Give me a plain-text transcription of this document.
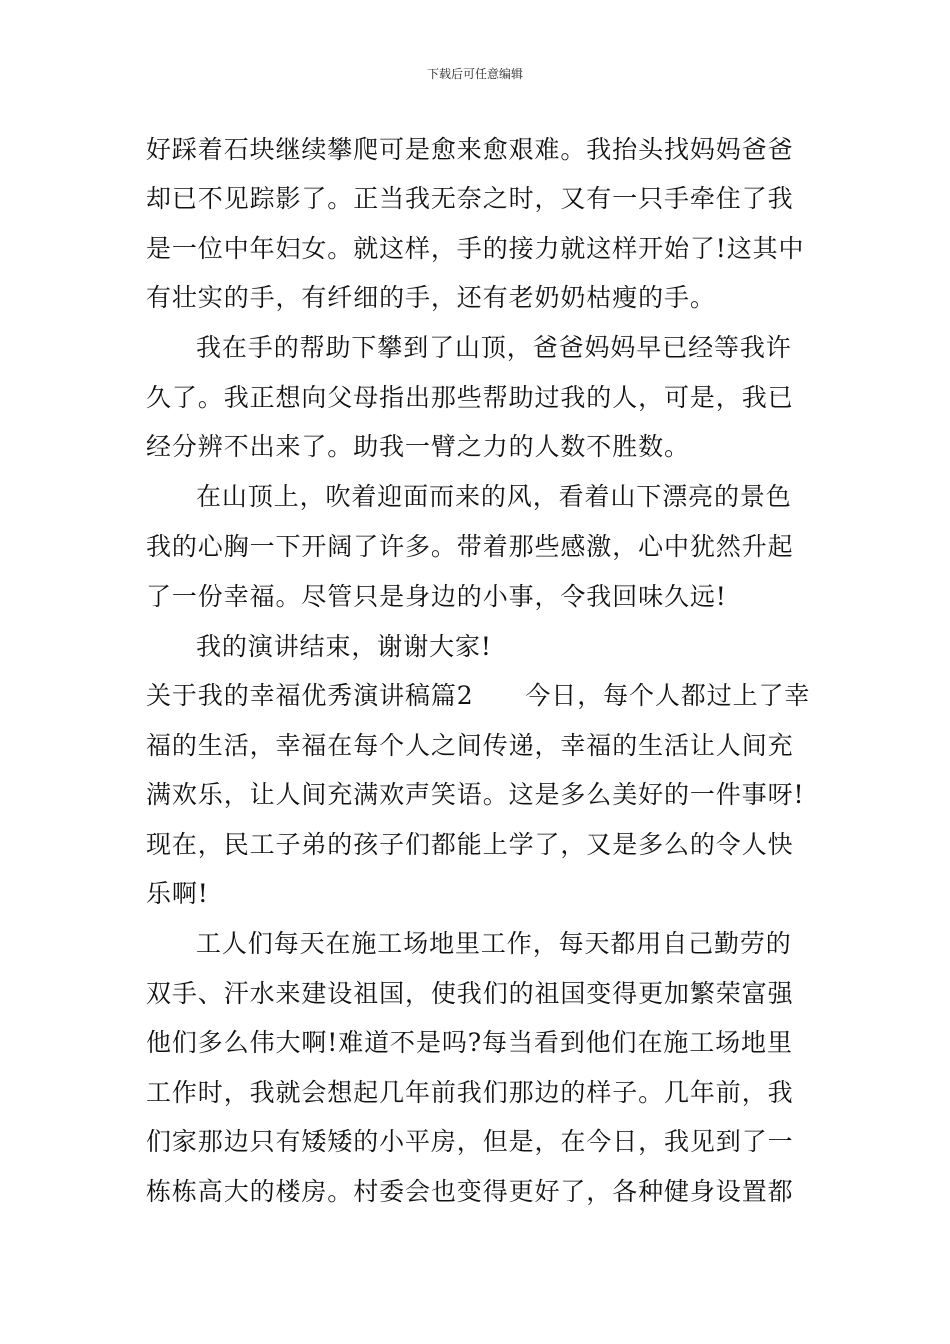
下载后可任意编辑
好踩着石块继续攀爬可是愈来愈艰难。我抬头找妈妈爸爸
却已不见踪影了。正当我无奈之时，又有一只手牵住了我
是一位中年妇女。就这样，手的接力就这样开始了!这其中
有壮实的手，有纤细的手，还有老奶奶枯瘦的手。
我在手的帮助下攀到了山顶，爸爸妈妈早已经等我许
久了。我正想向父母指出那些帮助过我的人，可是，我已
经分辨不出来了。助我一臂之力的人数不胜数。
在山顶上，吹着迎面而来的风，看着山下漂亮的景色
我的心胸一下开阔了许多。带着那些感激，心中犹然升起
了一份幸福。尽管只是身边的小事，令我回味久远!
我的演讲结束，谢谢大家!
关于我的幸福优秀演讲稿篇2　　今日，每个人都过上了幸
福的生活，幸福在每个人之间传递，幸福的生活让人间充
满欢乐，让人间充满欢声笑语。这是多么美好的一件事呀!
现在，民工子弟的孩子们都能上学了，又是多么的令人快
乐啊!
工人们每天在施工场地里工作，每天都用自己勤劳的
双手、汗水来建设祖国，使我们的祖国变得更加繁荣富强
他们多么伟大啊!难道不是吗?每当看到他们在施工场地里
工作时，我就会想起几年前我们那边的样子。几年前，我
们家那边只有矮矮的小平房，但是，在今日，我见到了一
栋栋高大的楼房。村委会也变得更好了，各种健身设置都
